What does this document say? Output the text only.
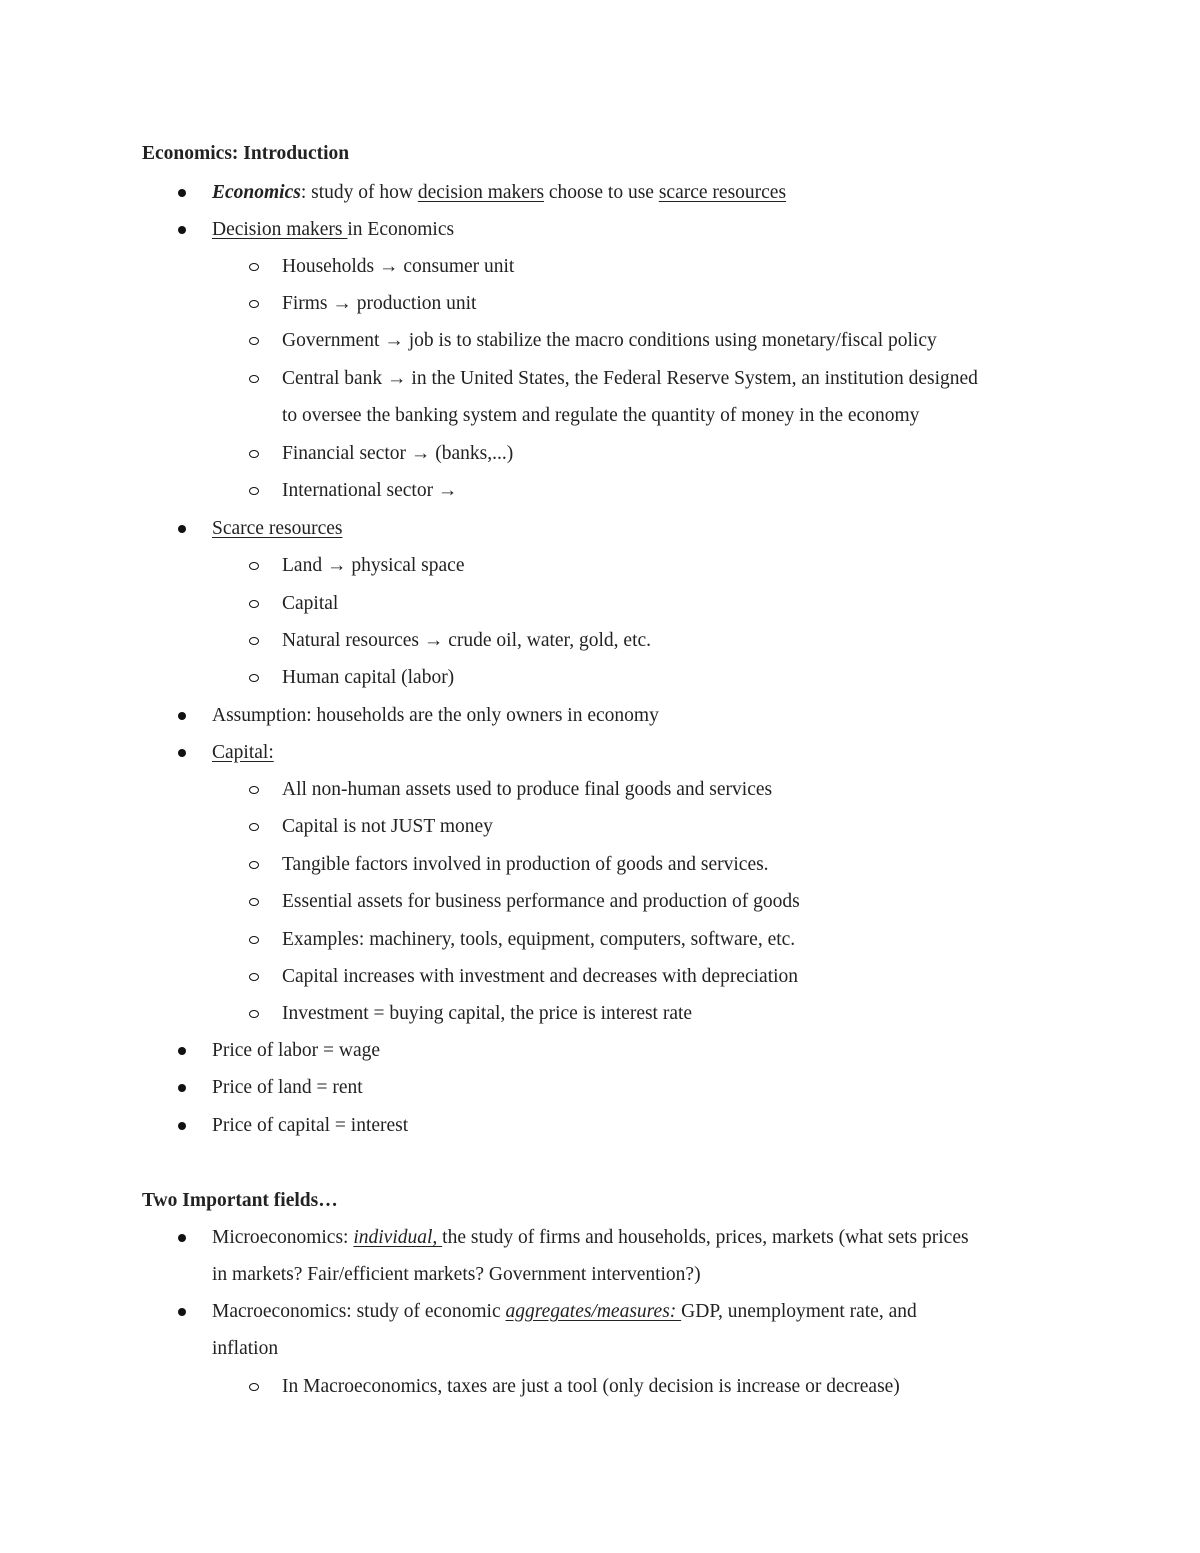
Economics: Introduction
Economics: study of how decision makers choose to use scarce resources
Decision makers in Economics
Households → consumer unit
Firms → production unit
Government → job is to stabilize the macro conditions using monetary/fiscal policy
Central bank → in the United States, the Federal Reserve System, an institution designed
to oversee the banking system and regulate the quantity of money in the economy
Financial sector → (banks,...)
International sector →
Scarce resources
Land → physical space
Capital
Natural resources → crude oil, water, gold, etc.
Human capital (labor)
Assumption: households are the only owners in economy
Capital:
All non-human assets used to produce final goods and services
Capital is not JUST money
Tangible factors involved in production of goods and services.
Essential assets for business performance and production of goods
Examples: machinery, tools, equipment, computers, software, etc.
Capital increases with investment and decreases with depreciation
Investment = buying capital, the price is interest rate
Price of labor = wage
Price of land = rent
Price of capital = interest
Two Important fields…
Microeconomics: individual, the study of firms and households, prices, markets (what sets prices
in markets? Fair/efficient markets? Government intervention?)
Macroeconomics: study of economic aggregates/measures: GDP, unemployment rate, and
inflation
In Macroeconomics, taxes are just a tool (only decision is increase or decrease)
